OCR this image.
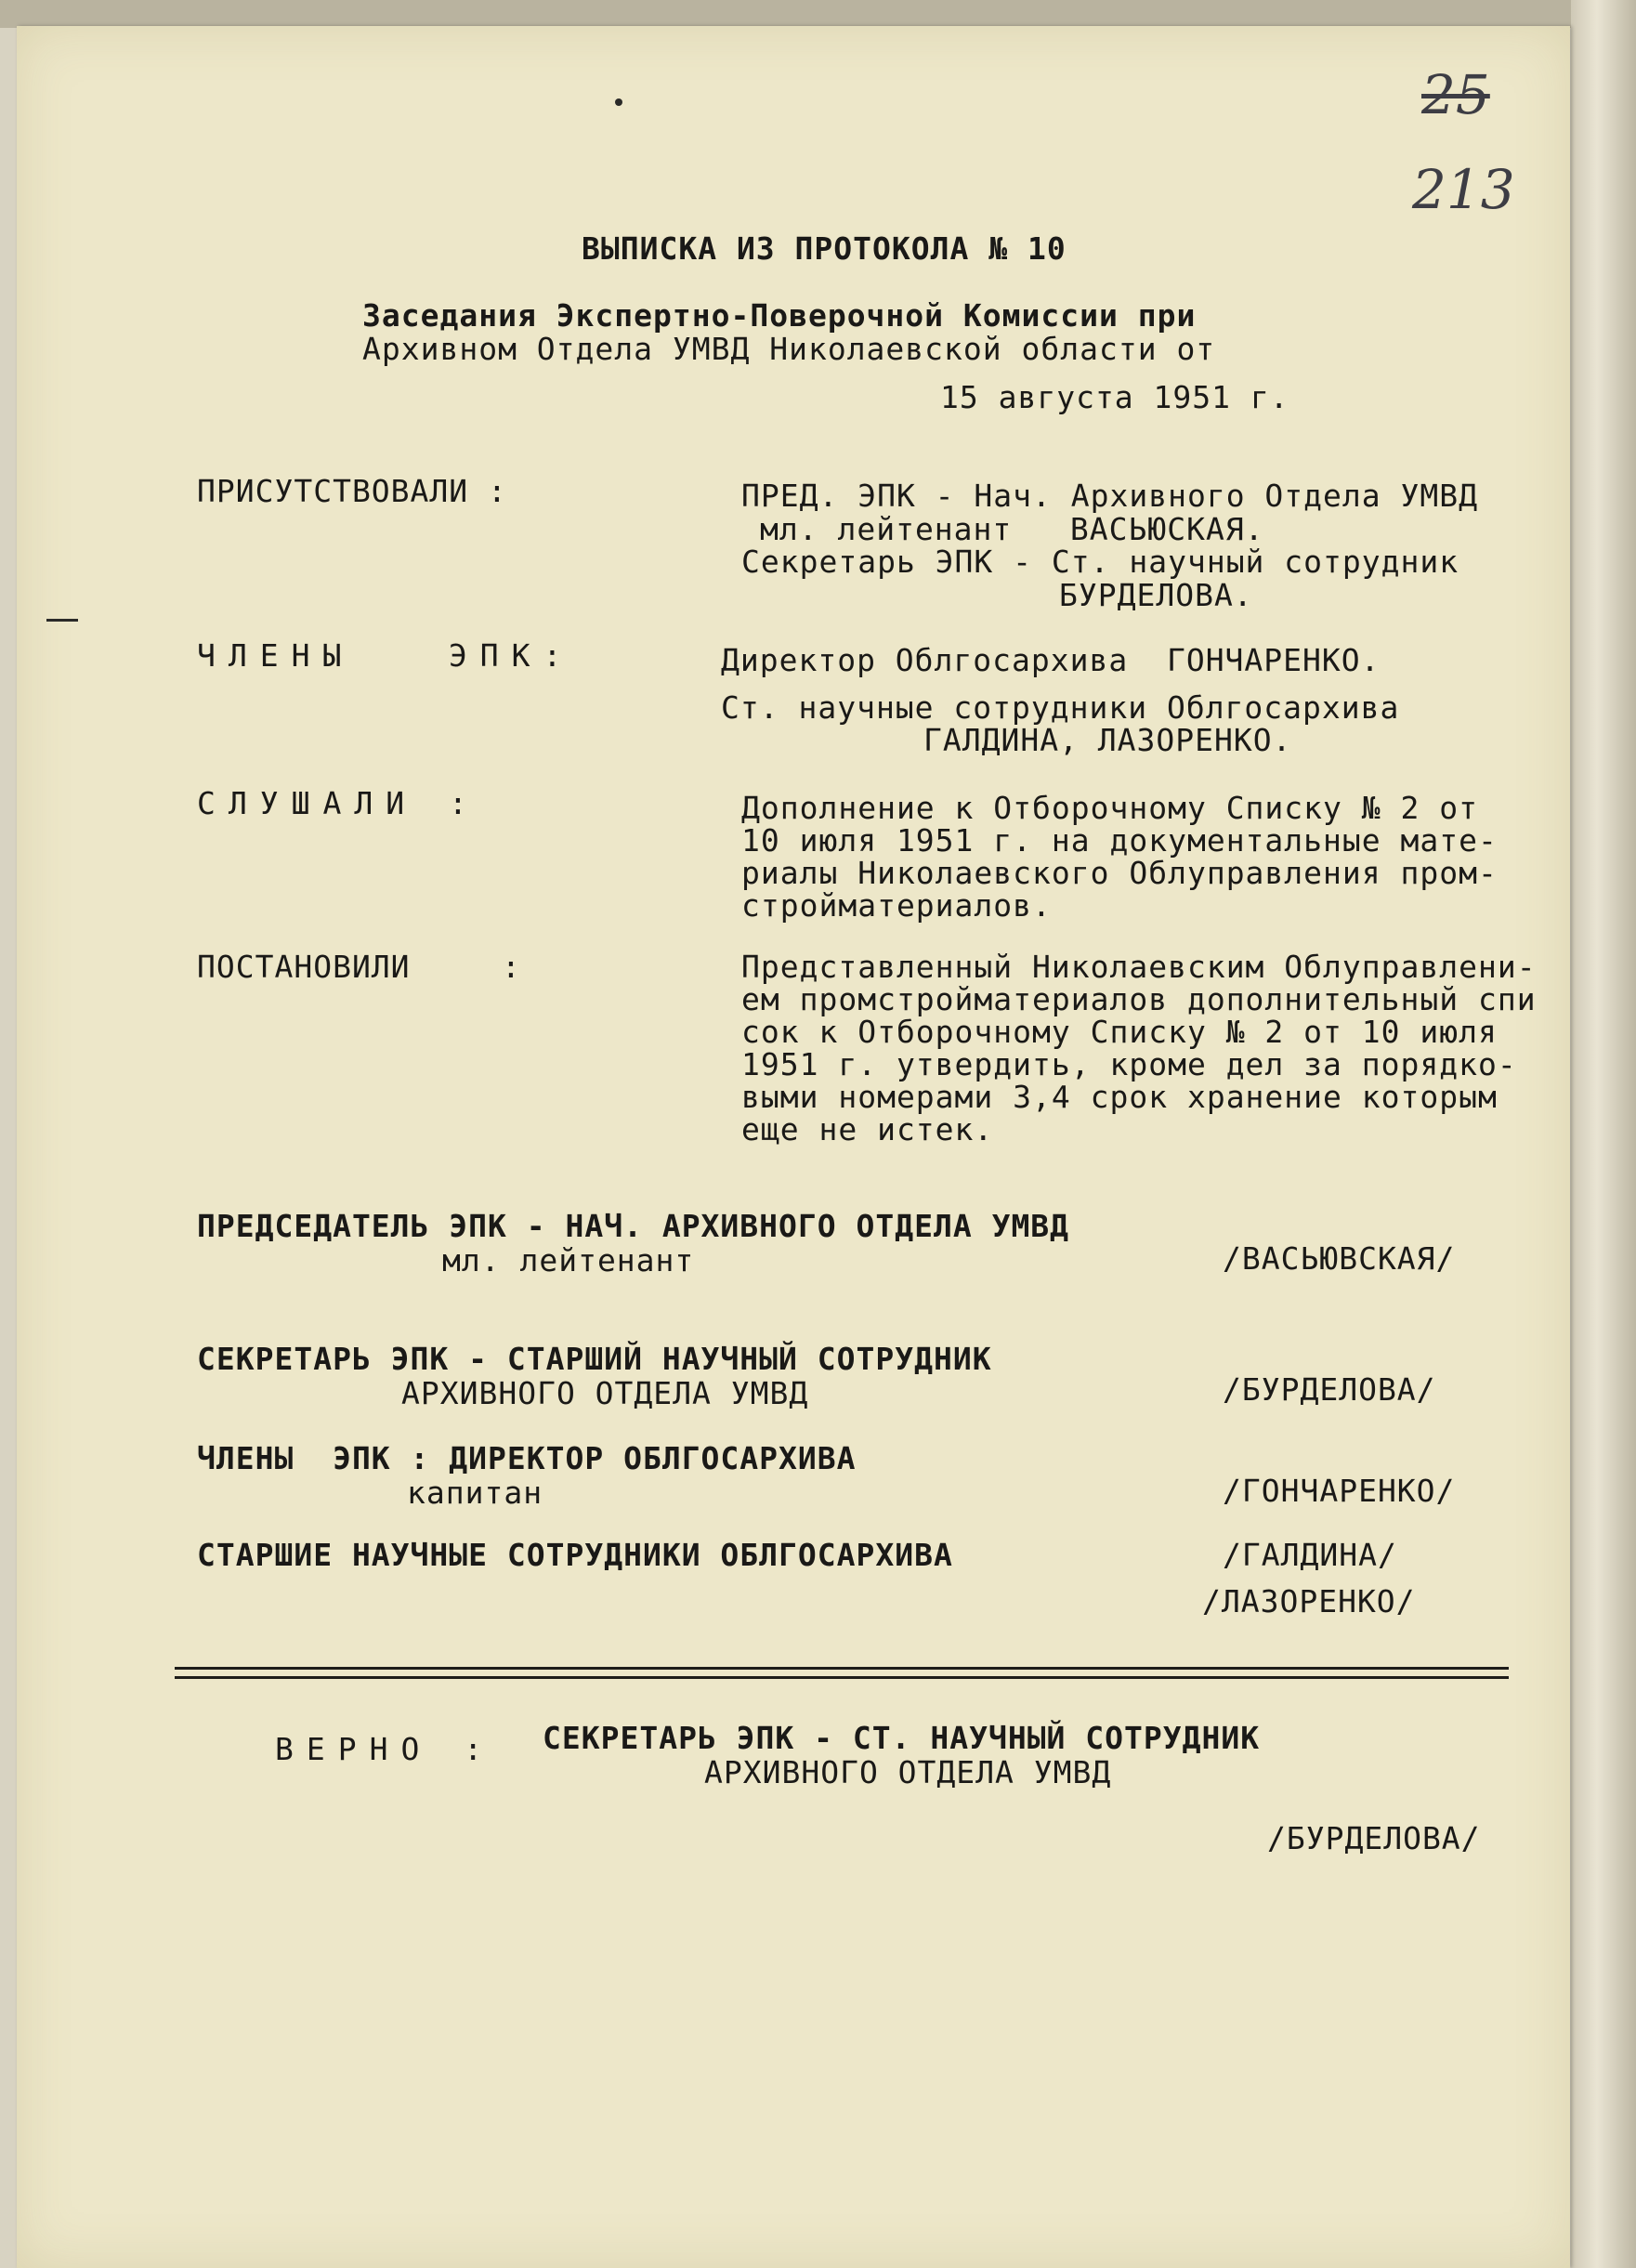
25
213
ВЫПИСКА ИЗ ПРОТОКОЛА № 10
Заседания Экспертно-Поверочной Комиссии при
Архивном Отдела УМВД Николаевской области от
15 августа 1951 г.
ПРИСУТСТВОВАЛИ :	ПРЕД. ЭПК - Нач. Архивного Отдела УМВД
мл. лейтенант   ВАСЬЮСКАЯ.
Секретарь ЭПК - Ст. научный сотрудник
БУРДЕЛОВА.
ЧЛЕНЫ   ЭПК:	Директор Облгосархива  ГОНЧАРЕНКО.
Ст. научные сотрудники Облгосархива
ГАЛДИНА, ЛАЗОРЕНКО.
СЛУШАЛИ :	Дополнение к Отборочному Списку № 2 от
10 июля 1951 г. на документальные мате-
риалы Николаевского Облуправления пром-
стройматериалов.
ПОСТАНОВИЛИ	:	Представленный Николаевским Облуправлени-
ем промстройматериалов дополнительный спи
сок к Отборочному Списку № 2 от 10 июля
1951 г. утвердить, кроме дел за порядко-
выми номерами 3,4 срок хранение которым
еще не истек.
ПРЕДСЕДАТЕЛЬ ЭПК - НАЧ. АРХИВНОГО ОТДЕЛА УМВД
мл. лейтенант	/ВАСЬЮВСКАЯ/
СЕКРЕТАРЬ ЭПК - СТАРШИЙ НАУЧНЫЙ СОТРУДНИК
АРХИВНОГО ОТДЕЛА УМВД	/БУРДЕЛОВА/
ЧЛЕНЫ  ЭПК : ДИРЕКТОР ОБЛГОСАРХИВА
капитан	/ГОНЧАРЕНКО/
СТАРШИЕ НАУЧНЫЕ СОТРУДНИКИ ОБЛГОСАРХИВА	/ГАЛДИНА/
/ЛАЗОРЕНКО/
ВЕРНО : СЕКРЕТАРЬ ЭПК - СТ. НАУЧНЫЙ СОТРУДНИК
АРХИВНОГО ОТДЕЛА УМВД
/БУРДЕЛОВА/
